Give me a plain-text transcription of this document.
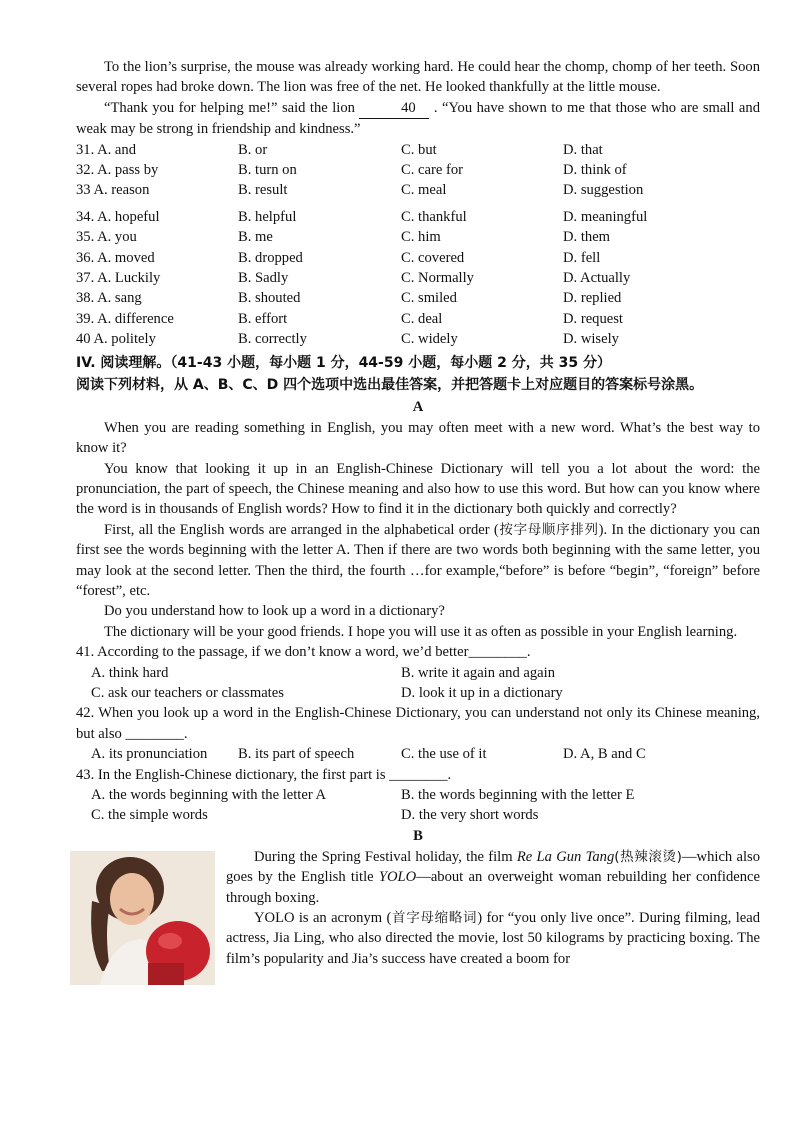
To the lion’s surprise, the mouse was already working hard. He could hear the chomp, chomp of her teeth. Soon several ropes had broke down. The lion was free of the net. He looked thankfully at the little mouse.

“Thank you for helping me!” said the lion	40 . “You have shown to me that those who are small and weak may be strong in friendship and kindness.”

31. A. and	B. or	C. but	D. that
32. A. pass by	B. turn on	C. care for	D. think of
33 A. reason	B. result	C. meal	D. suggestion
34. A. hopeful	B. helpful	C. thankful	D. meaningful
35. A. you	B. me	C. him	D. them
36. A. moved	B. dropped	C. covered	D. fell
37. A. Luckily	B. Sadly	C. Normally	D. Actually
38. A. sang	B. shouted	C. smiled	D. replied
39. A. difference	B. effort	C. deal	D. request
40 A. politely	B. correctly	C. widely	D. wisely

IV. 阅读理解。（41-43 小题，每小题 1 分，44-59 小题，每小题 2 分，共 35 分）

阅读下列材料，从 A、B、C、D 四个选项中选出最佳答案，并把答题卡上对应题目的答案标号涂黑。

A

When you are reading something in English, you may often meet with a new word. What’s the best way to know it?

You know that looking it up in an English-Chinese Dictionary will tell you a lot about the word: the pronunciation, the part of speech, the Chinese meaning and also how to use this word. But how can you know where the word is in thousands of English words? How to find it in the dictionary both quickly and correctly?

First, all the English words are arranged in the alphabetical order (按字母顺序排列). In the dictionary you can first see the words beginning with the letter A. Then if there are two words both beginning with the same letter, you may look at the second letter. Then the third, the fourth …for example,“before” is before “begin”, “foreign” before “forest”, etc.

Do you understand how to look up a word in a dictionary?

The dictionary will be your good friends. I hope you will use it as often as possible in your English learning.

41. According to the passage, if we don’t know a word, we’d better________.

A. think hard	B. write it again and again
C. ask our teachers or classmates	D. look it up in a dictionary

42. When you look up a word in the English-Chinese Dictionary, you can understand not only its Chinese meaning, but also ________.

A. its pronunciation	B. its part of speech	C. the use of it	D. A, B and C

43. In the English-Chinese dictionary, the first part is ________.

A. the words beginning with the letter A	B. the words beginning with the letter E
C. the simple words	D. the very short words
B

During the Spring Festival holiday, the film Re La Gun Tang(热辣滚烫)—which also goes by the English title YOLO—about an overweight woman rebuilding her confidence through boxing.

YOLO is an acronym (首字母缩略词) for “you only live once”. During filming, lead actress, Jia Ling, who also directed the movie, lost 50 kilograms by practicing boxing. The film’s popularity and Jia’s success have created a boom for
